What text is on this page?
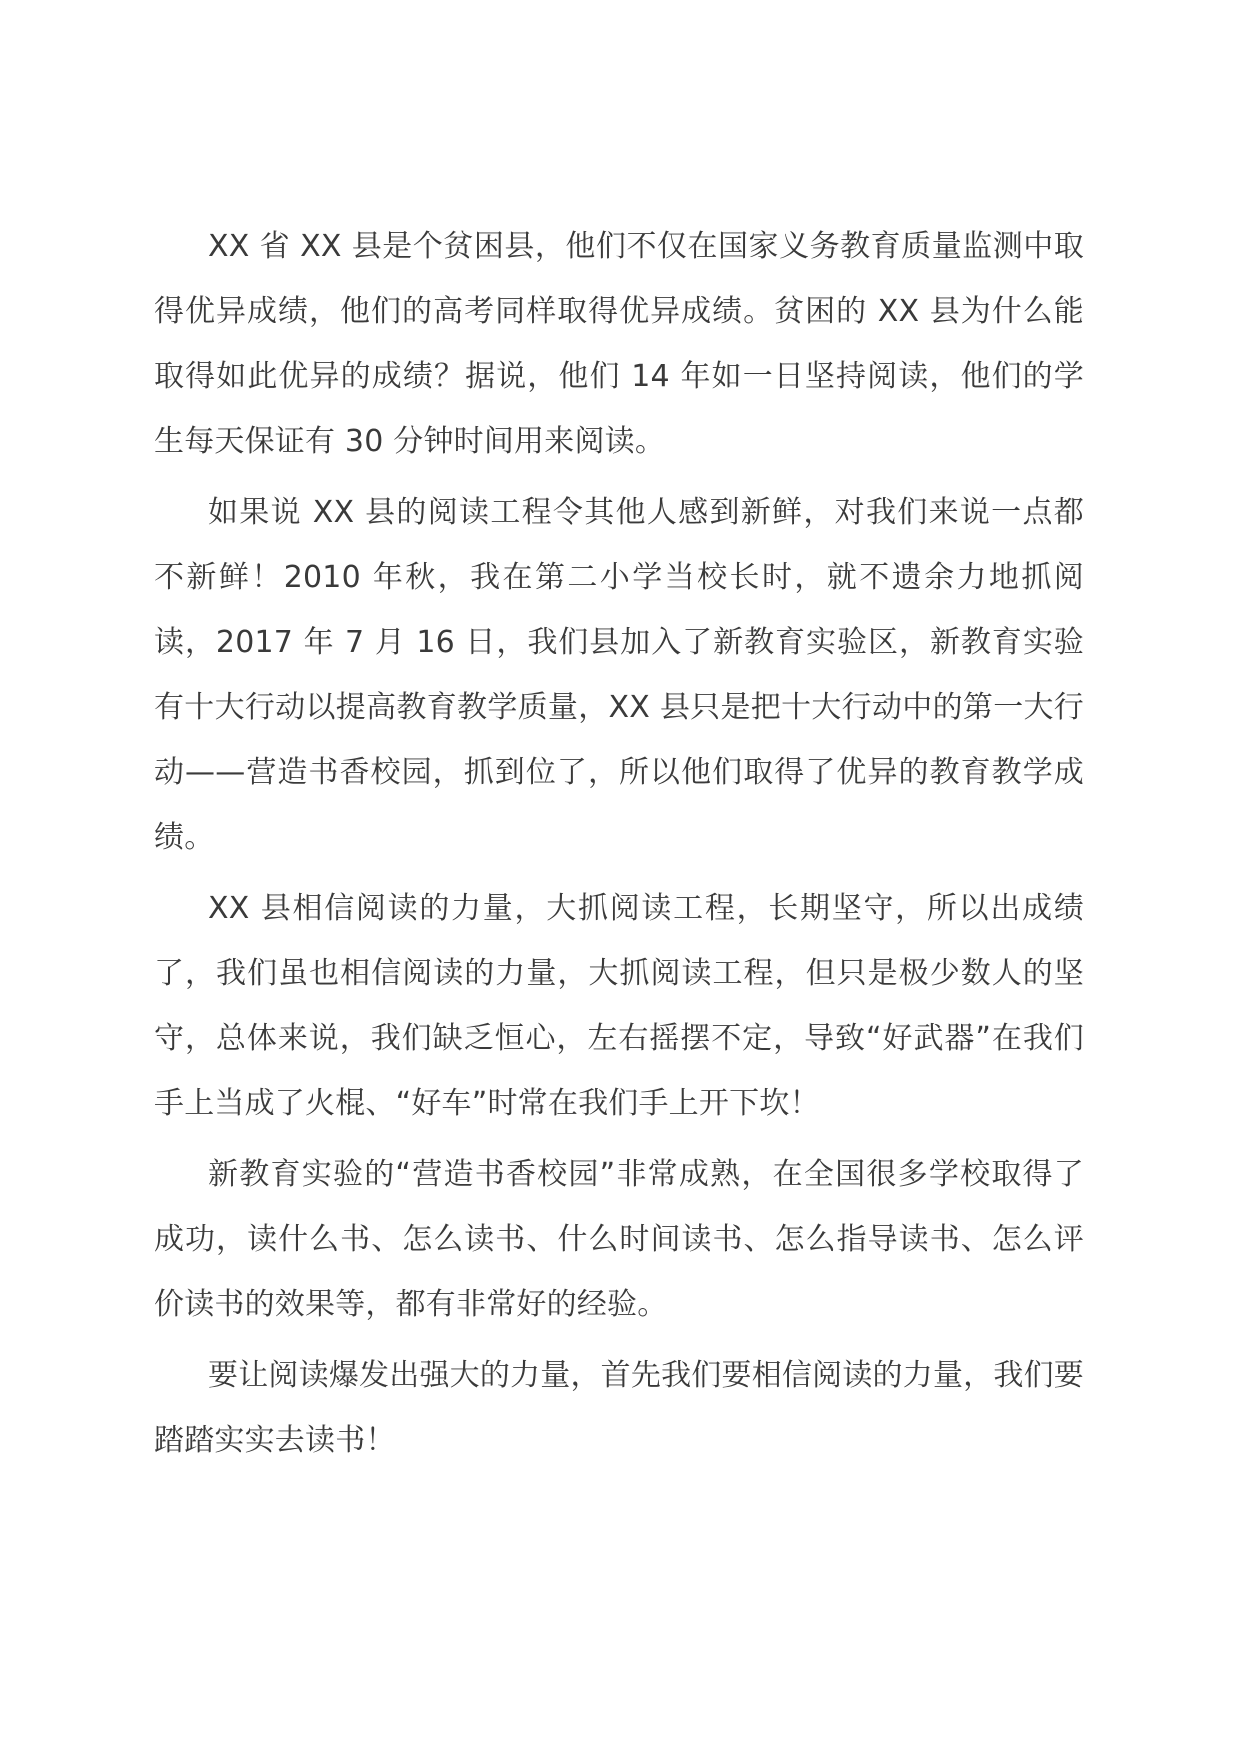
XX 省 XX 县是个贫困县，他们不仅在国家义务教育质量监测中取得优异成绩，他们的高考同样取得优异成绩。贫困的 XX 县为什么能取得如此优异的成绩？据说，他们 14 年如一日坚持阅读，他们的学生每天保证有 30 分钟时间用来阅读。

如果说 XX 县的阅读工程令其他人感到新鲜，对我们来说一点都不新鲜！2010 年秋，我在第二小学当校长时，就不遗余力地抓阅读，2017 年 7 月 16 日，我们县加入了新教育实验区，新教育实验有十大行动以提高教育教学质量，XX 县只是把十大行动中的第一大行动——营造书香校园，抓到位了，所以他们取得了优异的教育教学成绩。

XX 县相信阅读的力量，大抓阅读工程，长期坚守，所以出成绩了，我们虽也相信阅读的力量，大抓阅读工程，但只是极少数人的坚守，总体来说，我们缺乏恒心，左右摇摆不定，导致“好武器”在我们手上当成了火棍、“好车”时常在我们手上开下坎！

新教育实验的“营造书香校园”非常成熟，在全国很多学校取得了成功，读什么书、怎么读书、什么时间读书、怎么指导读书、怎么评价读书的效果等，都有非常好的经验。

要让阅读爆发出强大的力量，首先我们要相信阅读的力量，我们要踏踏实实去读书！
